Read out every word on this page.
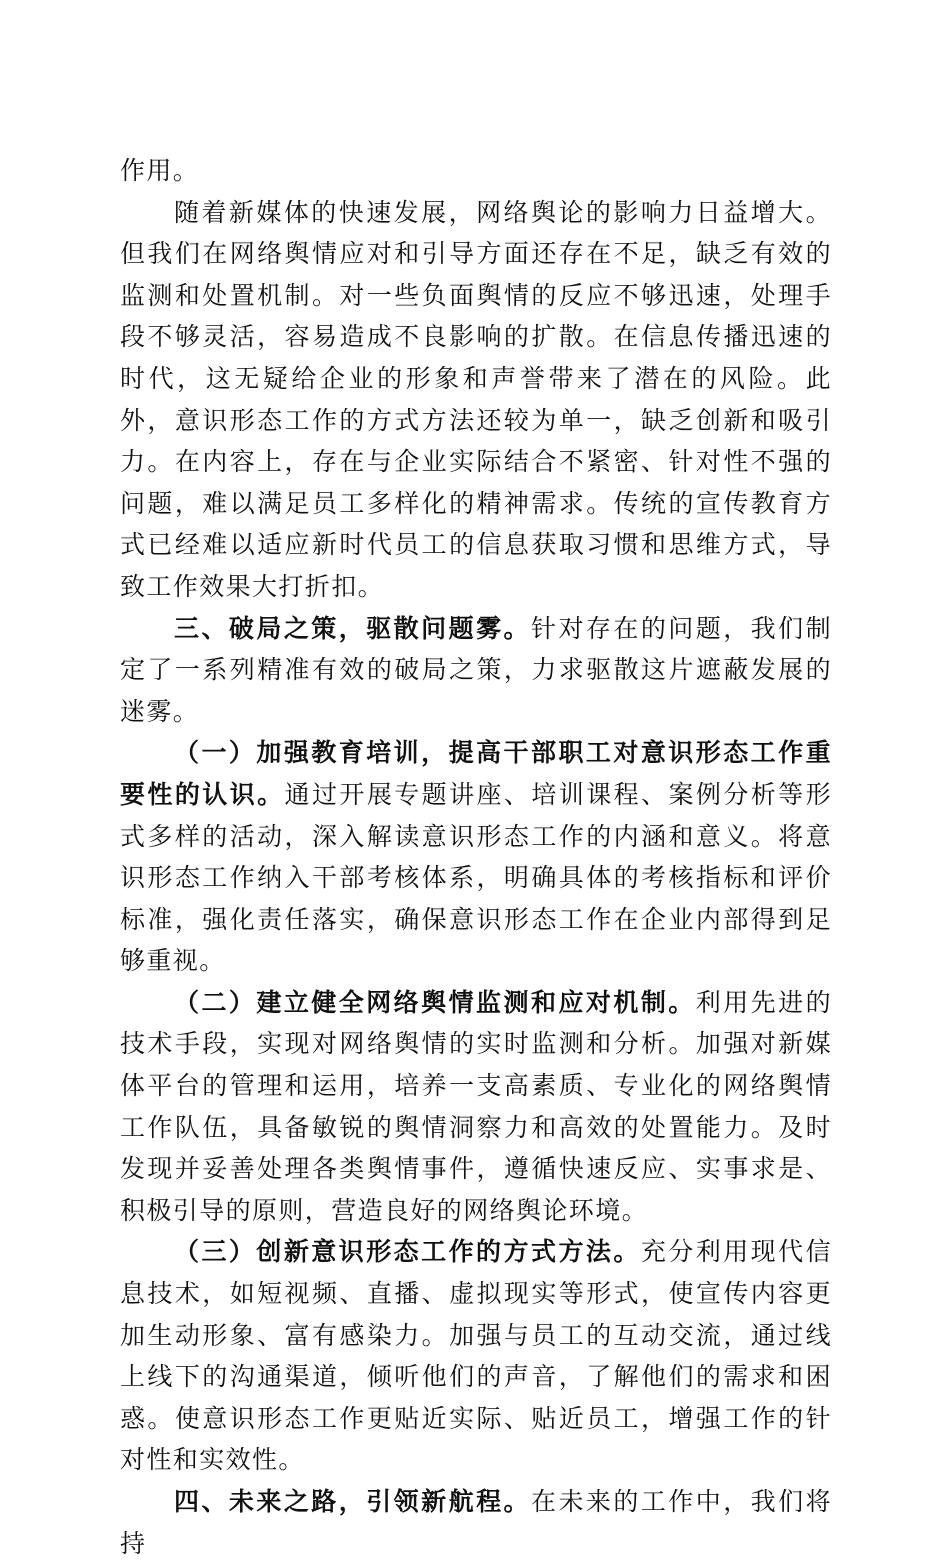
作用。

随着新媒体的快速发展，网络舆论的影响力日益增大。但我们在网络舆情应对和引导方面还存在不足，缺乏有效的监测和处置机制。对一些负面舆情的反应不够迅速，处理手段不够灵活，容易造成不良影响的扩散。在信息传播迅速的时代，这无疑给企业的形象和声誉带来了潜在的风险。此外，意识形态工作的方式方法还较为单一，缺乏创新和吸引力。在内容上，存在与企业实际结合不紧密、针对性不强的问题，难以满足员工多样化的精神需求。传统的宣传教育方式已经难以适应新时代员工的信息获取习惯和思维方式，导致工作效果大打折扣。

三、破局之策，驱散问题雾。针对存在的问题，我们制定了一系列精准有效的破局之策，力求驱散这片遮蔽发展的迷雾。

（一）加强教育培训，提高干部职工对意识形态工作重要性的认识。通过开展专题讲座、培训课程、案例分析等形式多样的活动，深入解读意识形态工作的内涵和意义。将意识形态工作纳入干部考核体系，明确具体的考核指标和评价标准，强化责任落实，确保意识形态工作在企业内部得到足够重视。

（二）建立健全网络舆情监测和应对机制。利用先进的技术手段，实现对网络舆情的实时监测和分析。加强对新媒体平台的管理和运用，培养一支高素质、专业化的网络舆情工作队伍，具备敏锐的舆情洞察力和高效的处置能力。及时发现并妥善处理各类舆情事件，遵循快速反应、实事求是、积极引导的原则，营造良好的网络舆论环境。

（三）创新意识形态工作的方式方法。充分利用现代信息技术，如短视频、直播、虚拟现实等形式，使宣传内容更加生动形象、富有感染力。加强与员工的互动交流，通过线上线下的沟通渠道，倾听他们的声音，了解他们的需求和困惑。使意识形态工作更贴近实际、贴近员工，增强工作的针对性和实效性。

四、未来之路，引领新航程。在未来的工作中，我们将持
